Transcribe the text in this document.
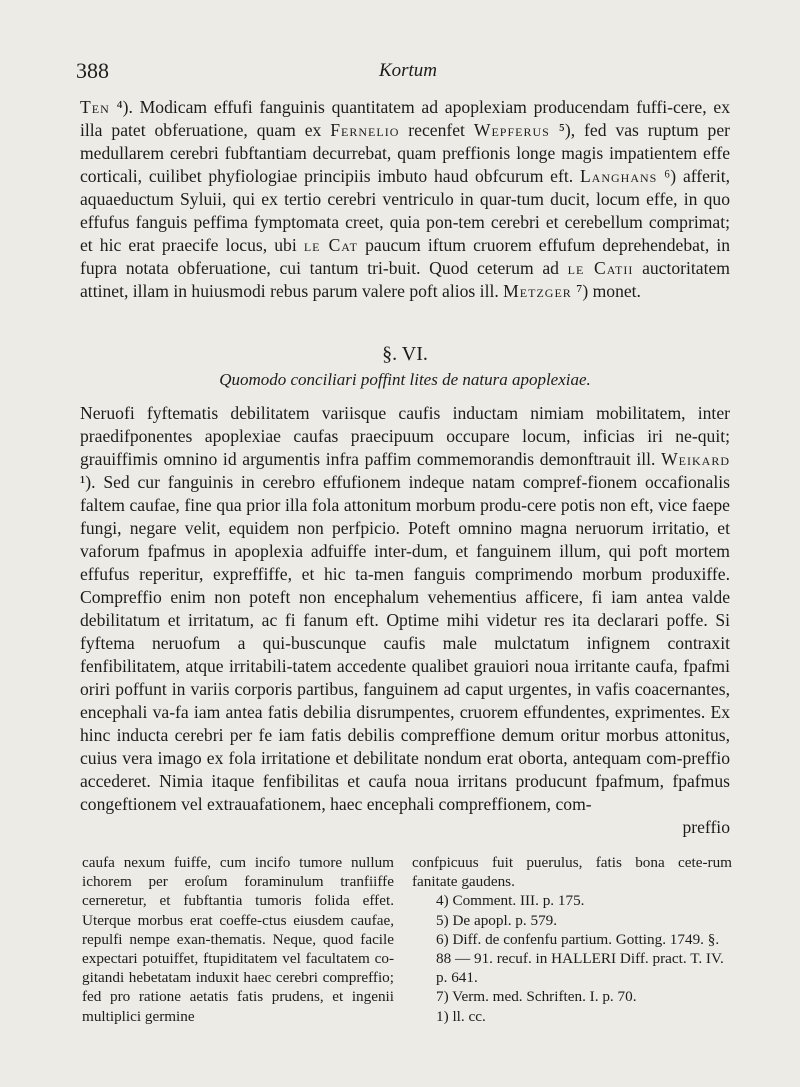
388	Kortum
Ten ⁴). Modicam effufi fanguinis quantitatem ad apoplexiam producendam fuffi-cere, ex illa patet obferuatione, quam ex Fernelio recenfet Wepferus ⁵), fed vas ruptum per medullarem cerebri fubftantiam decurrebat, quam preffionis longe magis impatientem effe corticali, cuilibet phyfiologiae principiis imbuto haud obfcurum eft. Langhans ⁶) afferit, aquaeductum Syluii, qui ex tertio cerebri ventriculo in quar-tum ducit, locum effe, in quo effufus fanguis peffima fymptomata creet, quia pon-tem cerebri et cerebellum comprimat; et hic erat praecife locus, ubi le Cat paucum iftum cruorem effufum deprehendebat, in fupra notata obferuatione, cui tantum tri-buit. Quod ceterum ad le Catii auctoritatem attinet, illam in huiusmodi rebus parum valere poft alios ill. Metzger ⁷) monet.
§. VI.
Quomodo conciliari poffint lites de natura apoplexiae.
Neruofi fyftematis debilitatem variisque caufis inductam nimiam mobilitatem, inter praedifponentes apoplexiae caufas praecipuum occupare locum, inficias iri ne-quit; grauiffimis omnino id argumentis infra paffim commemorandis demonftrauit ill. Weikard ¹). Sed cur fanguinis in cerebro effufionem indeque natam compref-fionem occafionalis faltem caufae, fine qua prior illa fola attonitum morbum produ-cere potis non eft, vice faepe fungi, negare velit, equidem non perfpicio. Poteft omnino magna neruorum irritatio, et vaforum fpafmus in apoplexia adfuiffe inter-dum, et fanguinem illum, qui poft mortem effufus reperitur, expreffiffe, et hic ta-men fanguis comprimendo morbum produxiffe. Compreffio enim non poteft non encephalum vehementius afficere, fi iam antea valde debilitatum et irritatum, ac fi fanum eft. Optime mihi videtur res ita declarari poffe. Si fyftema neruofum a qui-buscunque caufis male mulctatum infignem contraxit fenfibilitatem, atque irritabili-tatem accedente qualibet grauiori noua irritante caufa, fpafmi oriri poffunt in variis corporis partibus, fanguinem ad caput urgentes, in vafis coacernantes, encephali va-fa iam antea fatis debilia disrumpentes, cruorem effundentes, exprimentes. Ex hinc inducta cerebri per fe iam fatis debilis compreffione demum oritur morbus attonitus, cuius vera imago ex fola irritatione et debilitate nondum erat oborta, antequam com-preffio accederet. Nimia itaque fenfibilitas et caufa noua irritans producunt fpafmum, fpafmus congeftionem vel extrauafationem, haec encephali compreffionem, com-
preffio
caufa nexum fuiffe, cum incifo tumore nullum ichorem per eroſum foraminulum tranfiiffe cerneretur, et fubftantia tumoris folida effet. Uterque morbus erat coeffe-ctus eiusdem caufae, repulfi nempe exan-thematis. Neque, quod facile expectari potuiffet, ftupiditatem vel facultatem co-gitandi hebetatam induxit haec cerebri compreffio; fed pro ratione aetatis fatis prudens, et ingenii multiplici germine
confpicuus fuit puerulus, fatis bona cete-rum fanitate gaudens.
4) Comment. III. p. 175.
5) De apopl. p. 579.
6) Diff. de confenfu partium. Gotting. 1749. §. 88 — 91. recuf. in HALLERI Diff. pract. T. IV. p. 641.
7) Verm. med. Schriften. I. p. 70.
1) ll. cc.
